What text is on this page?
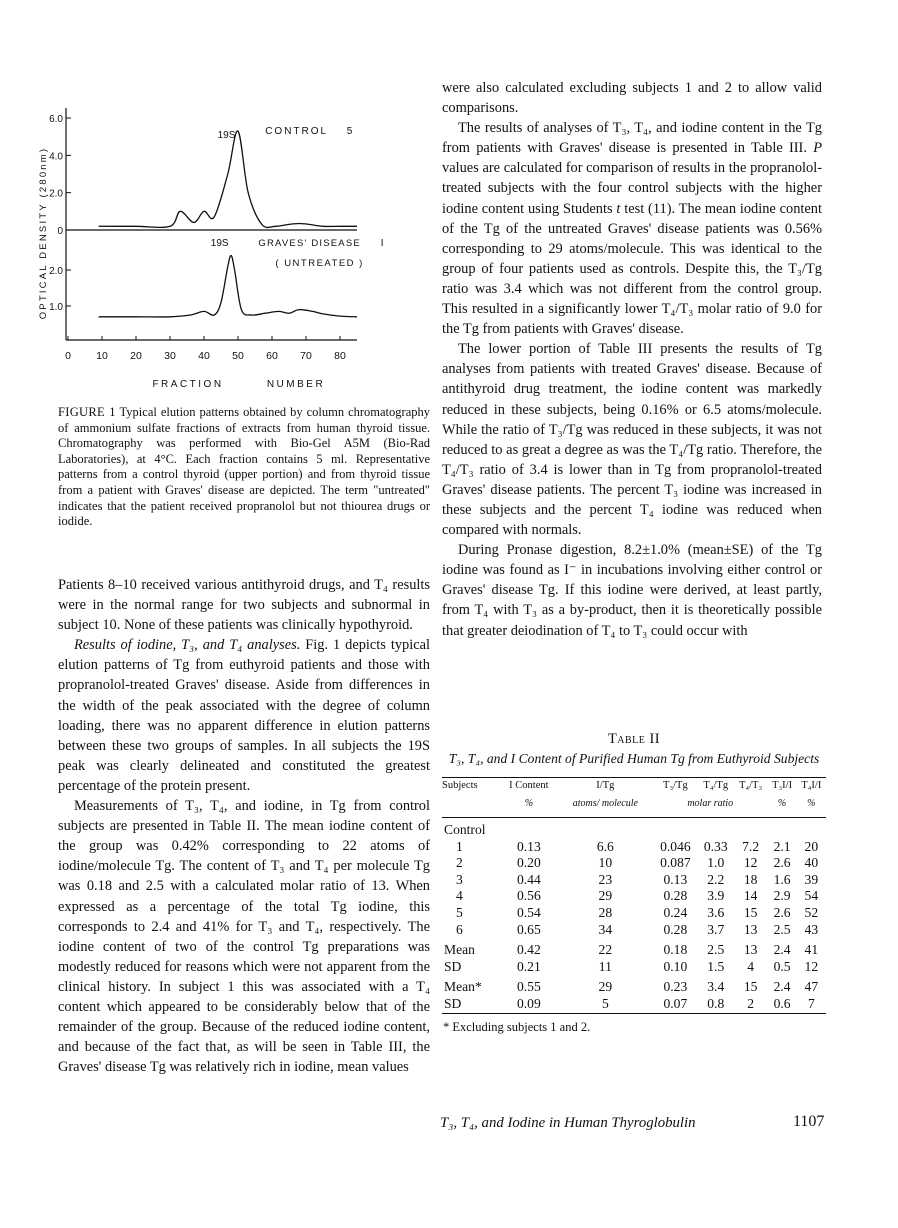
6.0
4.0
2.0
0
2.0
1.0
0 10 20 30 40 50 60 70 80
FRACTION	NUMBER
OPTICAL DENSITY (280nm)
19S	CONTROL 5
19S	GRAVES' DISEASE I
( UNTREATED )
FIGURE 1 Typical elution patterns obtained by column chromatography of ammonium sulfate fractions of extracts from human thyroid tissue. Chromatography was performed with Bio-Gel A5M (Bio-Rad Laboratories), at 4°C. Each fraction contains 5 ml. Representative patterns from a control thyroid (upper portion) and from thyroid tissue from a patient with Graves' disease are depicted. The term "untreated" indicates that the patient received propranolol but not thiourea drugs or iodide.

Patients 8–10 received various antithyroid drugs, and T₄ results were in the normal range for two subjects and subnormal in subject 10. None of these patients was clinically hypothyroid.

Results of iodine, T₃, and T₄ analyses. Fig. 1 depicts typical elution patterns of Tg from euthyroid patients and those with propranolol-treated Graves' disease. Aside from differences in the width of the peak associated with the degree of column loading, there was no apparent difference in elution patterns between these two groups of samples. In all subjects the 19S peak was clearly delineated and constituted the greatest percentage of the protein present.

Measurements of T₃, T₄, and iodine, in Tg from control subjects are presented in Table II. The mean iodine content of the group was 0.42% corresponding to 22 atoms of iodine/molecule Tg. The content of T₃ and T₄ per molecule Tg was 0.18 and 2.5 with a calculated molar ratio of 13. When expressed as a percentage of the total Tg iodine, this corresponds to 2.4 and 41% for T₃ and T₄, respectively. The iodine content of two of the control Tg preparations was modestly reduced for reasons which were not apparent from the clinical history. In subject 1 this was associated with a T₄ content which appeared to be considerably below that of the remainder of the group. Because of the reduced iodine content, and because of the fact that, as will be seen in Table III, the Graves' disease Tg was relatively rich in iodine, mean values

were also calculated excluding subjects 1 and 2 to allow valid comparisons.

The results of analyses of T₃, T₄, and iodine content in the Tg from patients with Graves' disease is presented in Table III. P values are calculated for comparison of results in the propranolol-treated subjects with the four control subjects with the higher iodine content using Students t test (11). The mean iodine content of the Tg of the untreated Graves' disease patients was 0.56% corresponding to 29 atoms/molecule. This was identical to the group of four patients used as controls. Despite this, the T₃/Tg ratio was 3.4 which was not different from the control group. This resulted in a significantly lower T₄/T₃ molar ratio of 9.0 for the Tg from patients with Graves' disease.

The lower portion of Table III presents the results of Tg analyses from patients with treated Graves' disease. Because of antithyroid drug treatment, the iodine content was markedly reduced in these subjects, being 0.16% or 6.5 atoms/molecule. While the ratio of T₃/Tg was reduced in these subjects, it was not reduced to as great a degree as was the T₄/Tg ratio. Therefore, the T₄/T₃ ratio of 3.4 is lower than in Tg from propranolol-treated Graves' disease patients. The percent T₃ iodine was increased in these subjects and the percent T₄ iodine was reduced when compared with normals.

During Pronase digestion, 8.2±1.0% (mean±SE) of the Tg iodine was found as I⁻ in incubations involving either control or Graves' disease Tg. If this iodine were derived, at least partly, from T₄ with T₃ as a by-product, then it is theoretically possible that greater deiodination of T₄ to T₃ could occur with

Table II
T₃, T₄, and I Content of Purified Human Tg from Euthyroid Subjects
Subjects	I Content	I/Tg	T₃/Tg	T₄/Tg	T₄/T₃	T₃I/I	T₄I/I
	%	atoms/ molecule	molar ratio			%	%
Control							
1	0.13	6.6	0.046	0.33	7.2	2.1	20
2	0.20	10	0.087	1.0	12	2.6	40
3	0.44	23	0.13	2.2	18	1.6	39
4	0.56	29	0.28	3.9	14	2.9	54
5	0.54	28	0.24	3.6	15	2.6	52
6	0.65	34	0.28	3.7	13	2.5	43
Mean	0.42	22	0.18	2.5	13	2.4	41
SD	0.21	11	0.10	1.5	4	0.5	12
Mean*	0.55	29	0.23	3.4	15	2.4	47
SD	0.09	5	0.07	0.8	2	0.6	7
* Excluding subjects 1 and 2.							
T₃, T₄, and Iodine in Human Thyroglobulin	1107
